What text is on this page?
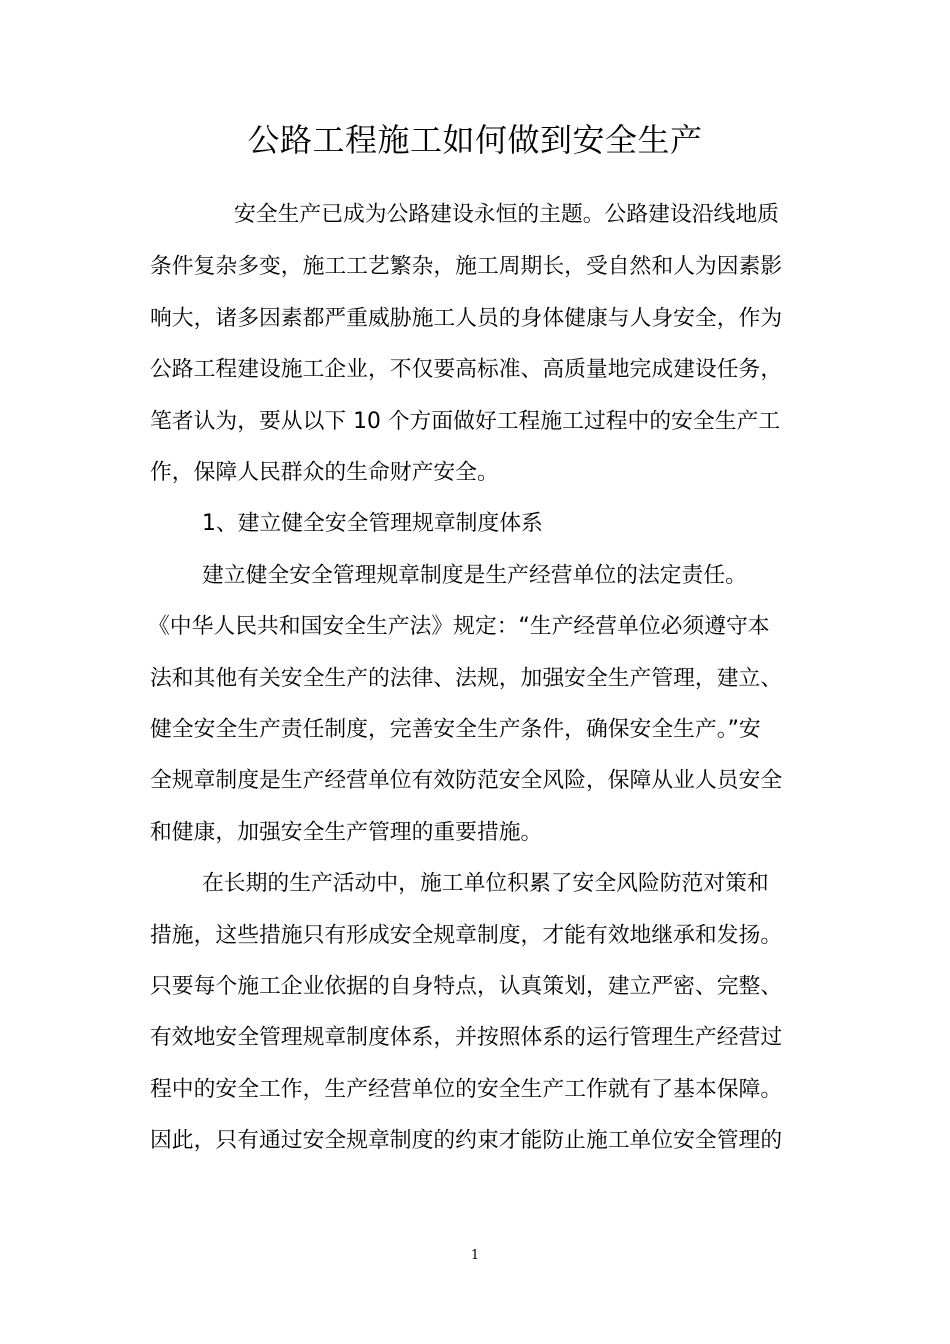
公路工程施工如何做到安全生产
安全生产已成为公路建设永恒的主题。公路建设沿线地质
条件复杂多变，施工工艺繁杂，施工周期长，受自然和人为因素影
响大，诸多因素都严重威胁施工人员的身体健康与人身安全，作为
公路工程建设施工企业，不仅要高标准、高质量地完成建设任务，
笔者认为，要从以下 10 个方面做好工程施工过程中的安全生产工
作，保障人民群众的生命财产安全。
1、建立健全安全管理规章制度体系
建立健全安全管理规章制度是生产经营单位的法定责任。
《中华人民共和国安全生产法》规定：“生产经营单位必须遵守本
法和其他有关安全生产的法律、法规，加强安全生产管理，建立、
健全安全生产责任制度，完善安全生产条件，确保安全生产。”安
全规章制度是生产经营单位有效防范安全风险，保障从业人员安全
和健康，加强安全生产管理的重要措施。
在长期的生产活动中，施工单位积累了安全风险防范对策和
措施，这些措施只有形成安全规章制度，才能有效地继承和发扬。
只要每个施工企业依据的自身特点，认真策划，建立严密、完整、
有效地安全管理规章制度体系，并按照体系的运行管理生产经营过
程中的安全工作，生产经营单位的安全生产工作就有了基本保障。
因此，只有通过安全规章制度的约束才能防止施工单位安全管理的
1
